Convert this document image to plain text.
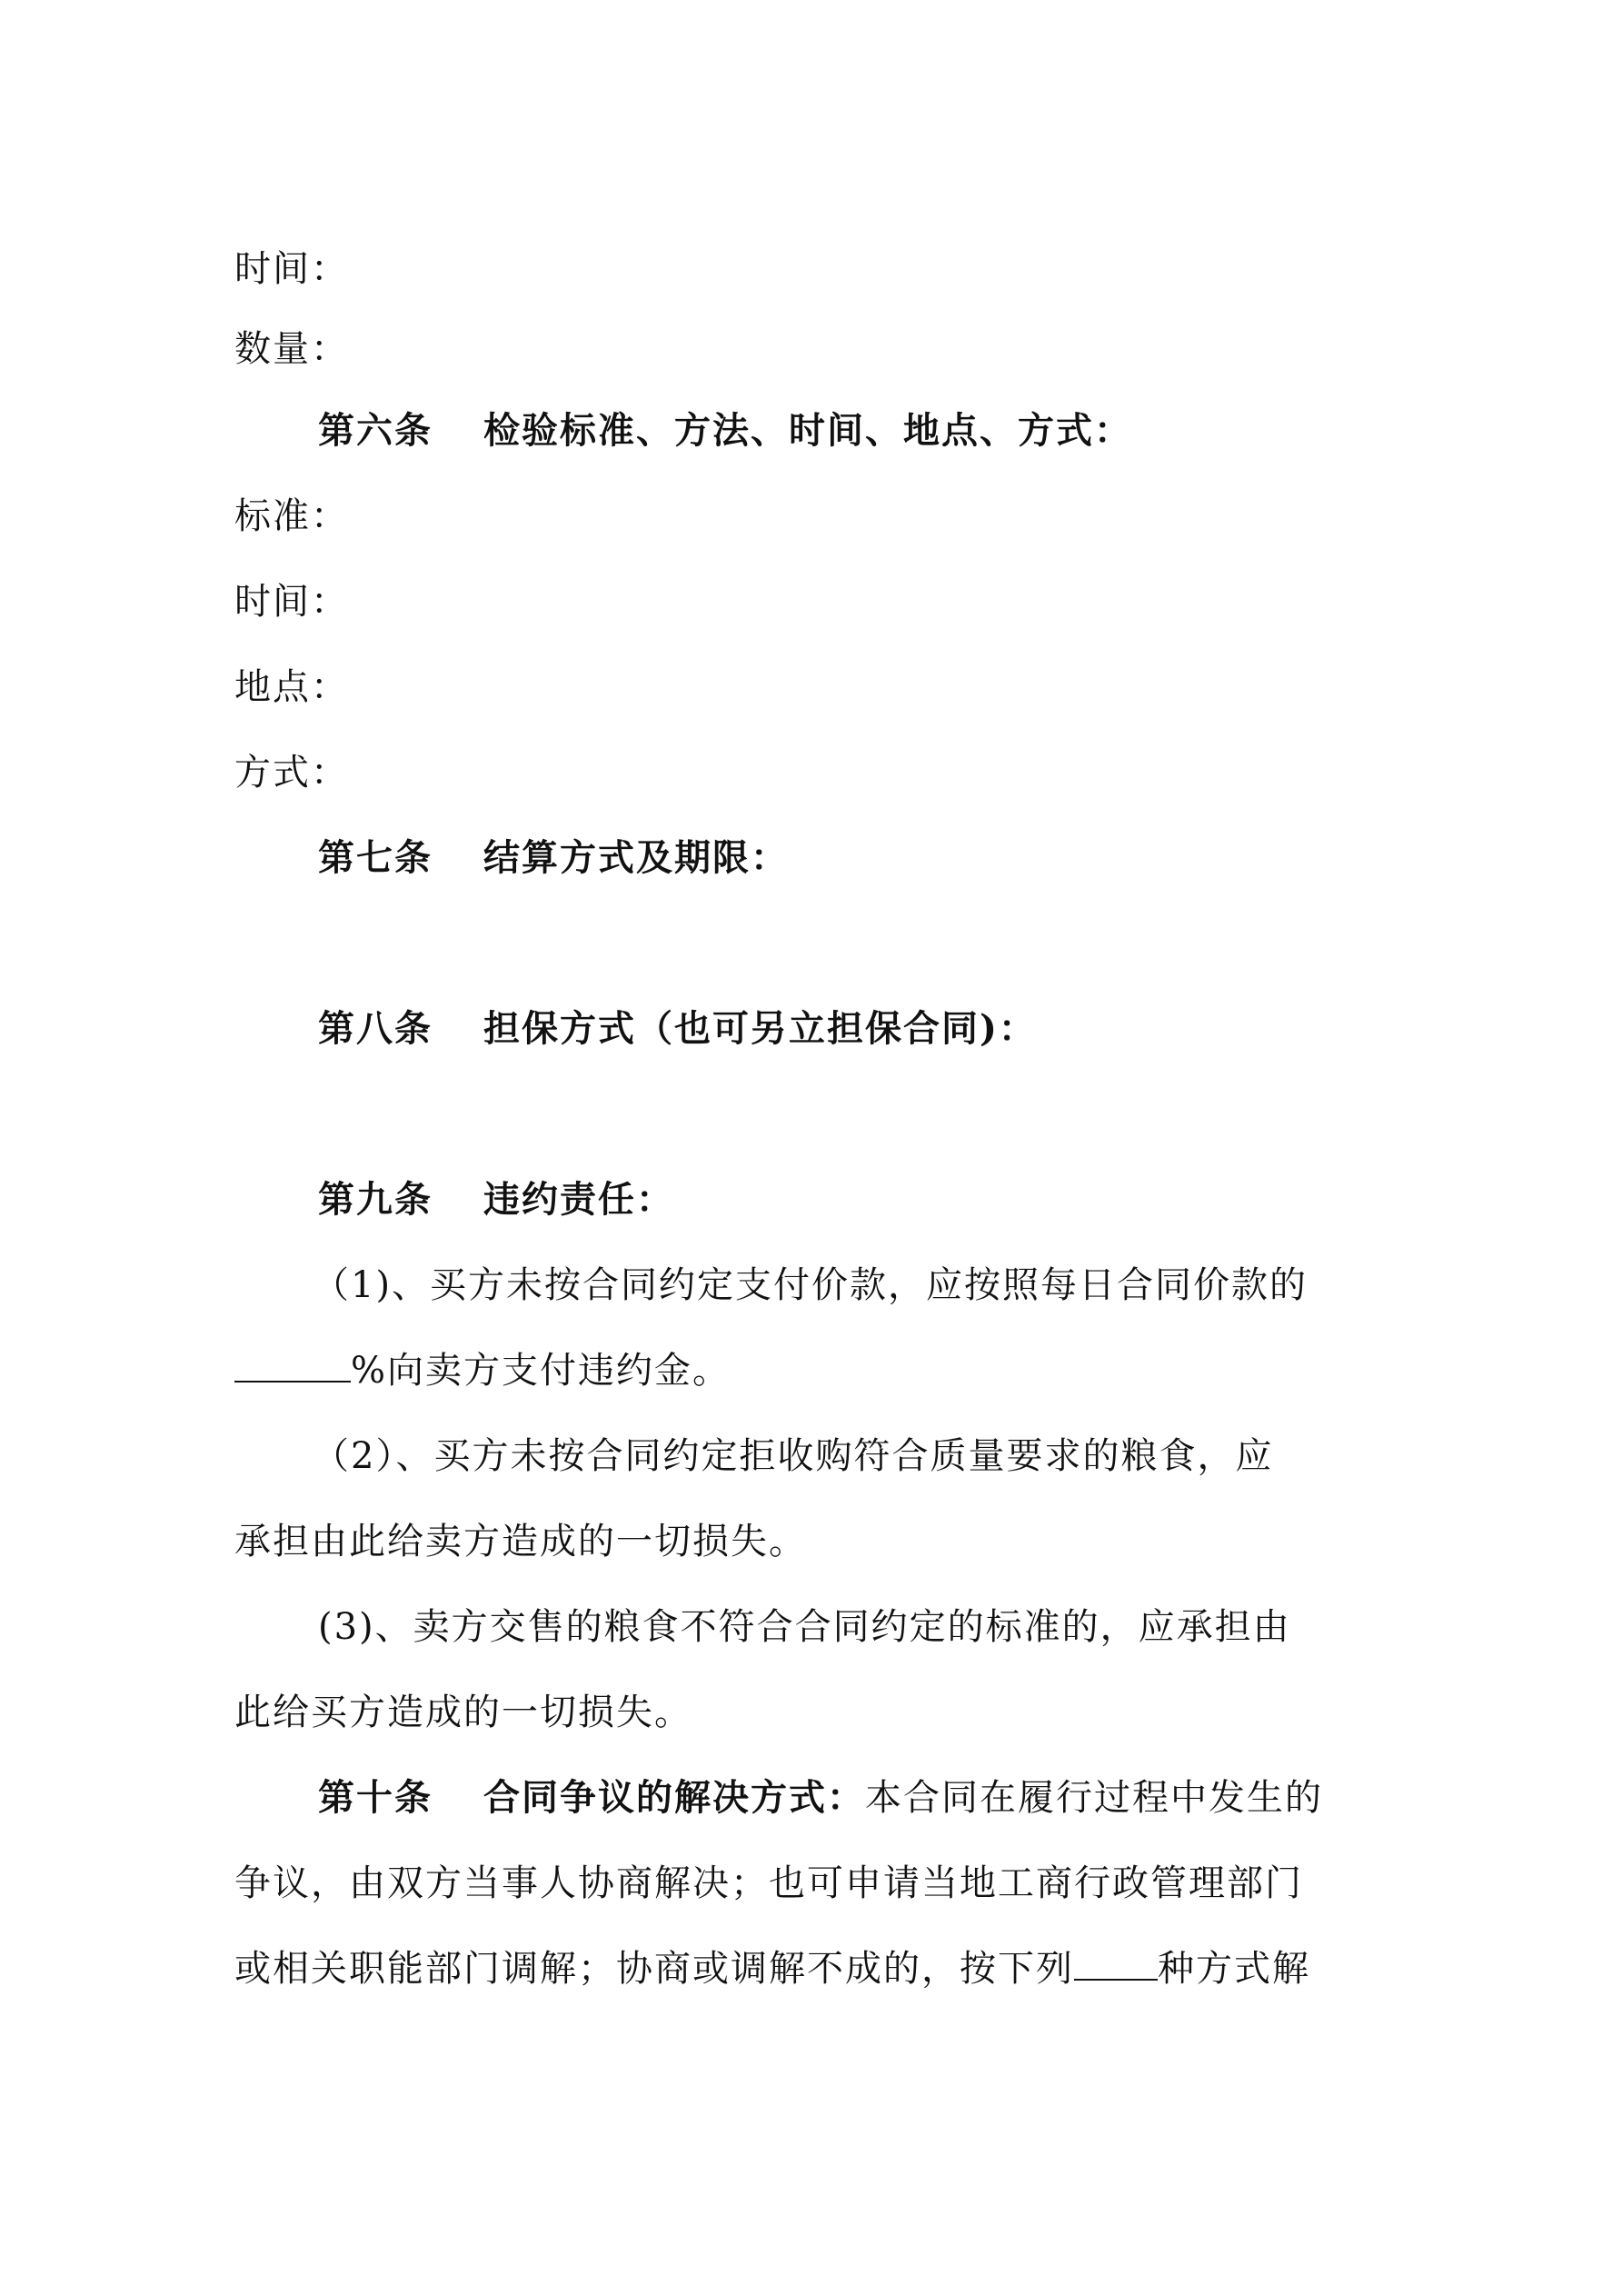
时间：
数量：
第六条 检验标准、方法、时间、地点、方式：
标准：
时间：
地点：
方式：
第七条 结算方式及期限：
第八条 担保方式（也可另立担保合同)：
第九条 违约责任：
（1)、买方未按合同约定支付价款，应按照每日合同价款的
%向卖方支付违约金。
（2）、买方未按合同约定拒收购符合质量要求的粮食，应
承担由此给卖方造成的一切损失。
(3)、卖方交售的粮食不符合合同约定的标准的，应承担由
此给买方造成的一切损失。
第十条 合同争议的解决方式：本合同在履行过程中发生的
争议，由双方当事人协商解决；也可申请当地工商行政管理部门
或相关职能部门调解；协商或调解不成的，按下列 种方式解
